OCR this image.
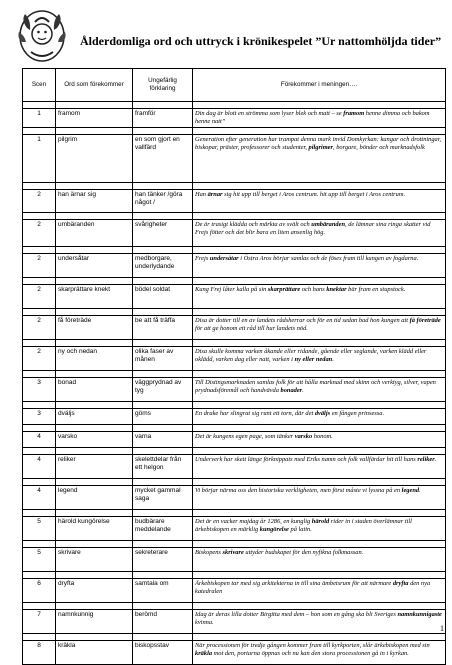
Ålderdomliga ord och uttryck i krönikespelet ”Ur nattomhöljda tider”
Scen	Ord som förekommer	Ungefärlig förklaring	Förekommer i meningen….

1	framom	framför	Din dag är blott en strömma som lyser blek och matt – se framom henne dimma och bakom henne natt”

1	pilgrim	en som gjort en vallfärd	Generation efter generation har trampat denna mark invid Domkyrkan: kungar och drottningar, biskopar, präster, professorer och studenter, pilgrimer, borgare, bönder och marknadsfolk

2	han ärnar sig	han tänker /göra något /	Han ärnar sig hit upp till berget i Aros centrum. hit upp till berget i Aros centrum.

2	umbäranden	svårigheter	De är trasigt klädda och märkta av svält och umbäranden, de lämnar sina ringa skatter vid Frejs fötter och det blir bara en liten ansenlig hög.

2	undersåtar	medborgare, underlydande	Frejs undersåtar i Östra Aros börjar samlas och de föses fram till kungen av fogdarna.

2	skarprättare knekt	bödel soldat	Kung Frej låter kalla på sin skarprättare och hans knektar bär fram en stupstock.

2	få företräde	be att få träffa	Disa är dotter till en av landets rådsherrar och för en tid sedan bad hon kungen att få företräde för att ge honom ett råd till hur landets nöd.

2	ny och nedan	olika faser av månen	Disa skulle komma varken åkande eller ridande, gående eller seglande, varken klädd eller oklädd, varken dag eller natt, varken i ny eller nedan.

3	bonad	väggprydnad av tyg	Till Distingsmarknaden samlas folk för att hålla marknad med skinn och verktyg, silver, vapen prydnadsföremål och handvävda bonader.

3	dväljs	göms	En drake har slingrat sig runt ett torn, där det dväljs en fången prinsessa.

4	varsko	varna	Det är kungens egen page, som tänker varsko honom.

4	reliker	skelettdelar från ett helgon	Underverk har skett länge förknippats med Eriks namn och folk vallfärdar hit till hans reliker.

4	legend	mycket gammal saga	Vi börjar närma oss den historiska verkligheten, men först måste vi lyssna på en legend.

5	härold kungörelse	budbärare meddelande	Det är en vacker majdag år 1286, en kunglig härold rider in i staden överlämnar till ärkebiskopen en märklig kungörelse på latin.

5	skrivare	sekreterare	Biskopens skrivare uttyder budskapet för den nyfikna folkmassan.

6	dryfta	samtala om	Ärkebiskopen tar med sig arkitekterna in till sina ämbetsrum för att närmare dryfta den nya katedralen

7	namnkunnig	berömd	Idag är deras lilla dotter Birgitta med dem – hon som en gång ska bli Sveriges namnkunnigaste kvinna.

8	kräkla	biskopsstav	När processionen för tredje gången kommer fram till kyrkporten, slår ärkebiskopen med sin kräkla mot den, portarna öppnas och nu kan den stora processionen gå in i kyrkan.
1
